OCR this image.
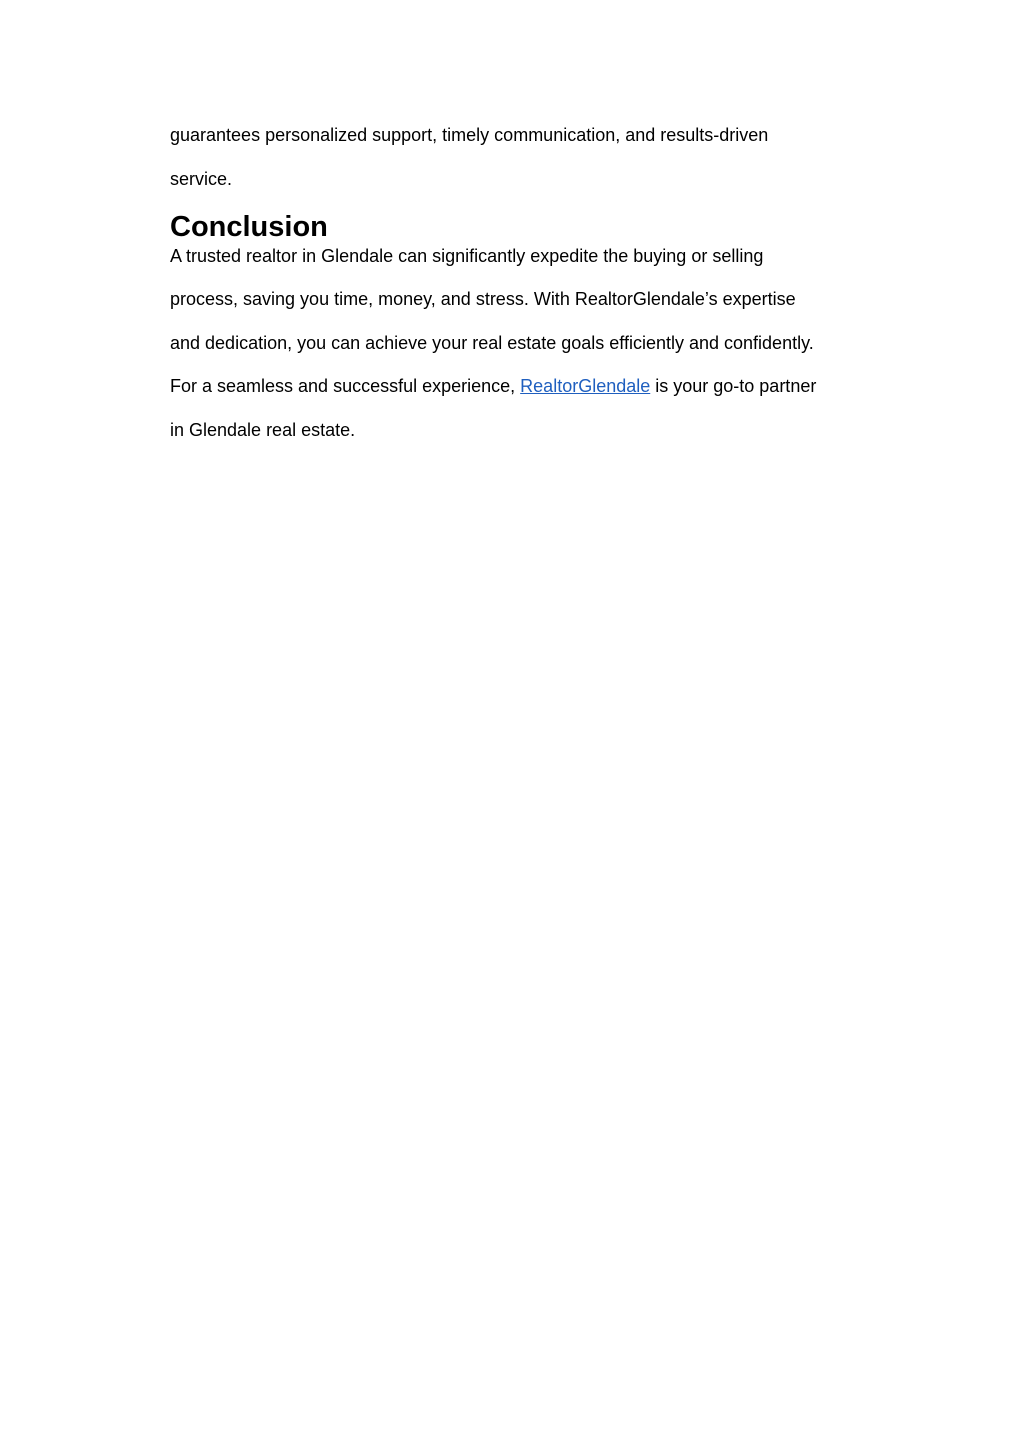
guarantees personalized support, timely communication, and results-driven
service.
Conclusion
A trusted realtor in Glendale can significantly expedite the buying or selling
process, saving you time, money, and stress. With RealtorGlendale’s expertise
and dedication, you can achieve your real estate goals efficiently and confidently.
For a seamless and successful experience, RealtorGlendale is your go-to partner
in Glendale real estate.
